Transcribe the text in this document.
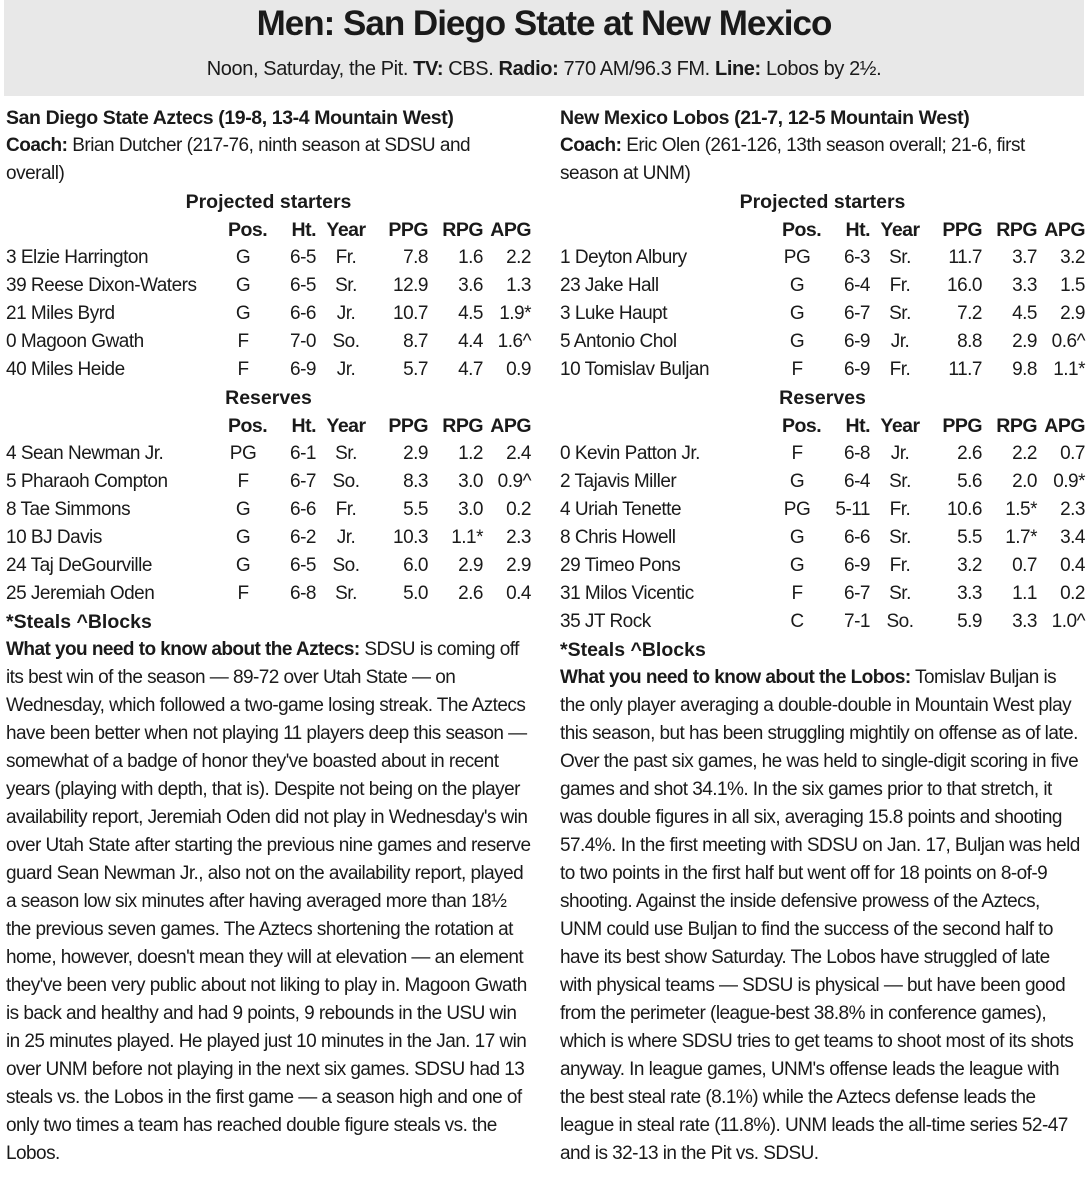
Men: San Diego State at New Mexico
Noon, Saturday, the Pit. TV: CBS. Radio: 770 AM/96.3 FM. Line: Lobos by 2½.
San Diego State Aztecs (19-8, 13-4 Mountain West)
Coach: Brian Dutcher (217-76, ninth season at SDSU and overall)
Projected starters
	Pos.	Ht.	Year	PPG	RPG	APG
3 Elzie Harrington	G	6-5	Fr.	7.8	1.6	2.2
39 Reese Dixon-Waters	G	6-5	Sr.	12.9	3.6	1.3
21 Miles Byrd	G	6-6	Jr.	10.7	4.5	1.9*
0 Magoon Gwath	F	7-0	So.	8.7	4.4	1.6^
40 Miles Heide	F	6-9	Jr.	5.7	4.7	0.9
Reserves
	Pos.	Ht.	Year	PPG	RPG	APG
4 Sean Newman Jr.	PG	6-1	Sr.	2.9	1.2	2.4
5 Pharaoh Compton	F	6-7	So.	8.3	3.0	0.9^
8 Tae Simmons	G	6-6	Fr.	5.5	3.0	0.2
10 BJ Davis	G	6-2	Jr.	10.3	1.1*	2.3
24 Taj DeGourville	G	6-5	So.	6.0	2.9	2.9
25 Jeremiah Oden	F	6-8	Sr.	5.0	2.6	0.4
*Steals ^Blocks
What you need to know about the Aztecs: SDSU is coming off its best win of the season — 89-72 over Utah State — on Wednesday, which followed a two-game losing streak. The Aztecs have been better when not playing 11 players deep this season — somewhat of a badge of honor they've boasted about in recent years (playing with depth, that is). Despite not being on the player availability report, Jeremiah Oden did not play in Wednesday's win over Utah State after starting the previous nine games and reserve guard Sean Newman Jr., also not on the availability report, played a season low six minutes after having averaged more than 18½ the previous seven games. The Aztecs shortening the rotation at home, however, doesn't mean they will at elevation — an element they've been very public about not liking to play in. Magoon Gwath is back and healthy and had 9 points, 9 rebounds in the USU win in 25 minutes played. He played just 10 minutes in the Jan. 17 win over UNM before not playing in the next six games. SDSU had 13 steals vs. the Lobos in the first game — a season high and one of only two times a team has reached double figure steals vs. the Lobos.
New Mexico Lobos (21-7, 12-5 Mountain West)
Coach: Eric Olen (261-126, 13th season overall; 21-6, first season at UNM)
Projected starters
	Pos.	Ht.	Year	PPG	RPG	APG
1 Deyton Albury	PG	6-3	Sr.	11.7	3.7	3.2
23 Jake Hall	G	6-4	Fr.	16.0	3.3	1.5
3 Luke Haupt	G	6-7	Sr.	7.2	4.5	2.9
5 Antonio Chol	G	6-9	Jr.	8.8	2.9	0.6^
10 Tomislav Buljan	F	6-9	Fr.	11.7	9.8	1.1*
Reserves
	Pos.	Ht.	Year	PPG	RPG	APG
0 Kevin Patton Jr.	F	6-8	Jr.	2.6	2.2	0.7
2 Tajavis Miller	G	6-4	Sr.	5.6	2.0	0.9*
4 Uriah Tenette	PG	5-11	Fr.	10.6	1.5*	2.3
8 Chris Howell	G	6-6	Sr.	5.5	1.7*	3.4
29 Timeo Pons	G	6-9	Fr.	3.2	0.7	0.4
31 Milos Vicentic	F	6-7	Sr.	3.3	1.1	0.2
35 JT Rock	C	7-1	So.	5.9	3.3	1.0^
*Steals ^Blocks
What you need to know about the Lobos: Tomislav Buljan is the only player averaging a double-double in Mountain West play this season, but has been struggling mightily on offense as of late. Over the past six games, he was held to single-digit scoring in five games and shot 34.1%. In the six games prior to that stretch, it was double figures in all six, averaging 15.8 points and shooting 57.4%. In the first meeting with SDSU on Jan. 17, Buljan was held to two points in the first half but went off for 18 points on 8-of-9 shooting. Against the inside defensive prowess of the Aztecs, UNM could use Buljan to find the success of the second half to have its best show Saturday. The Lobos have struggled of late with physical teams — SDSU is physical — but have been good from the perimeter (league-best 38.8% in conference games), which is where SDSU tries to get teams to shoot most of its shots anyway. In league games, UNM's offense leads the league with the best steal rate (8.1%) while the Aztecs defense leads the league in steal rate (11.8%). UNM leads the all-time series 52-47 and is 32-13 in the Pit vs. SDSU.
